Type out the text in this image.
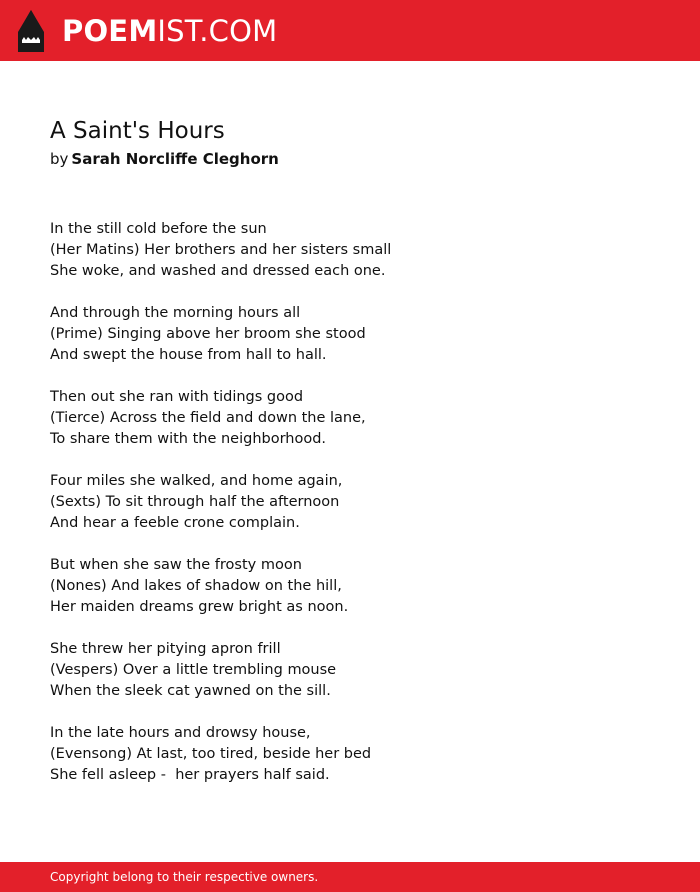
POEMIST.COM
A Saint's Hours
by Sarah Norcliffe Cleghorn
In the still cold before the sun
(Her Matins) Her brothers and her sisters small
She woke, and washed and dressed each one.
And through the morning hours all
(Prime) Singing above her broom she stood
And swept the house from hall to hall.
Then out she ran with tidings good
(Tierce) Across the field and down the lane,
To share them with the neighborhood.
Four miles she walked, and home again,
(Sexts) To sit through half the afternoon
And hear a feeble crone complain.
But when she saw the frosty moon
(Nones) And lakes of shadow on the hill,
Her maiden dreams grew bright as noon.
She threw her pitying apron frill
(Vespers) Over a little trembling mouse
When the sleek cat yawned on the sill.
In the late hours and drowsy house,
(Evensong) At last, too tired, beside her bed
She fell asleep -  her prayers half said.
Copyright belong to their respective owners.
